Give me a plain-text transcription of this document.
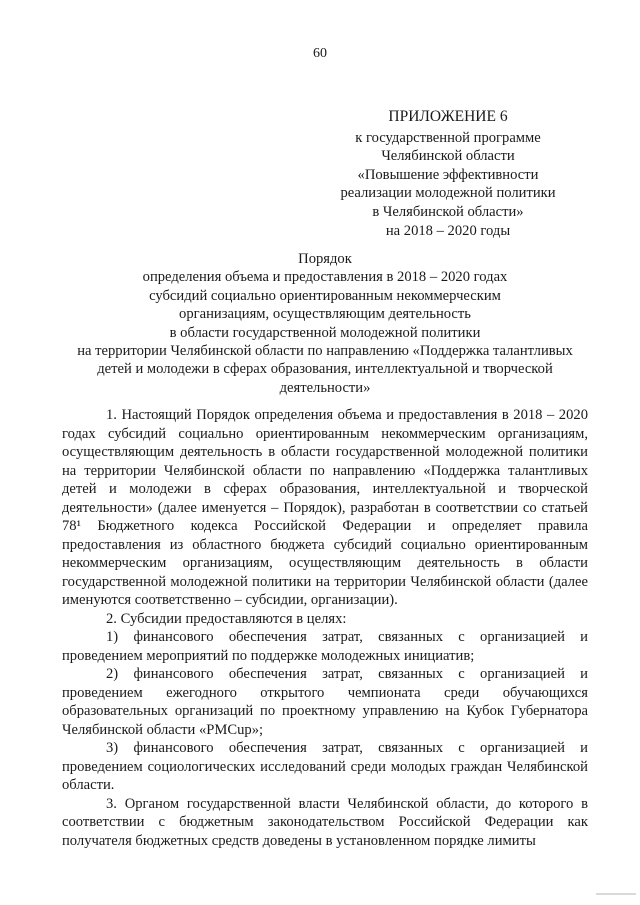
60
ПРИЛОЖЕНИЕ 6
к государственной программе
Челябинской области
«Повышение эффективности
реализации молодежной политики
в Челябинской области»
на 2018 – 2020 годы
Порядок
определения объема и предоставления в 2018 – 2020 годах
субсидий социально ориентированным некоммерческим
организациям, осуществляющим деятельность
в области государственной молодежной политики
на территории Челябинской области по направлению «Поддержка талантливых
детей и молодежи в сферах образования, интеллектуальной и творческой
деятельности»

1. Настоящий Порядок определения объема и предоставления в 2018 – 2020 годах субсидий социально ориентированным некоммерческим организациям, осуществляющим деятельность в области государственной молодежной политики на территории Челябинской области по направлению «Поддержка талантливых детей и молодежи в сферах образования, интеллектуальной и творческой деятельности» (далее именуется – Порядок), разработан в соответствии со статьей 78¹ Бюджетного кодекса Российской Федерации и определяет правила предоставления из областного бюджета субсидий социально ориентированным некоммерческим организациям, осуществляющим деятельность в области государственной молодежной политики на территории Челябинской области (далее именуются соответственно – субсидии, организации).

2. Субсидии предоставляются в целях:

1) финансового обеспечения затрат, связанных с организацией и проведением мероприятий по поддержке молодежных инициатив;

2) финансового обеспечения затрат, связанных с организацией и проведением ежегодного открытого чемпионата среди обучающихся образовательных организаций по проектному управлению на Кубок Губернатора Челябинской области «PMCup»;

3) финансового обеспечения затрат, связанных с организацией и проведением социологических исследований среди молодых граждан Челябинской области.

3. Органом государственной власти Челябинской области, до которого в соответствии с бюджетным законодательством Российской Федерации как получателя бюджетных средств доведены в установленном порядке лимиты
